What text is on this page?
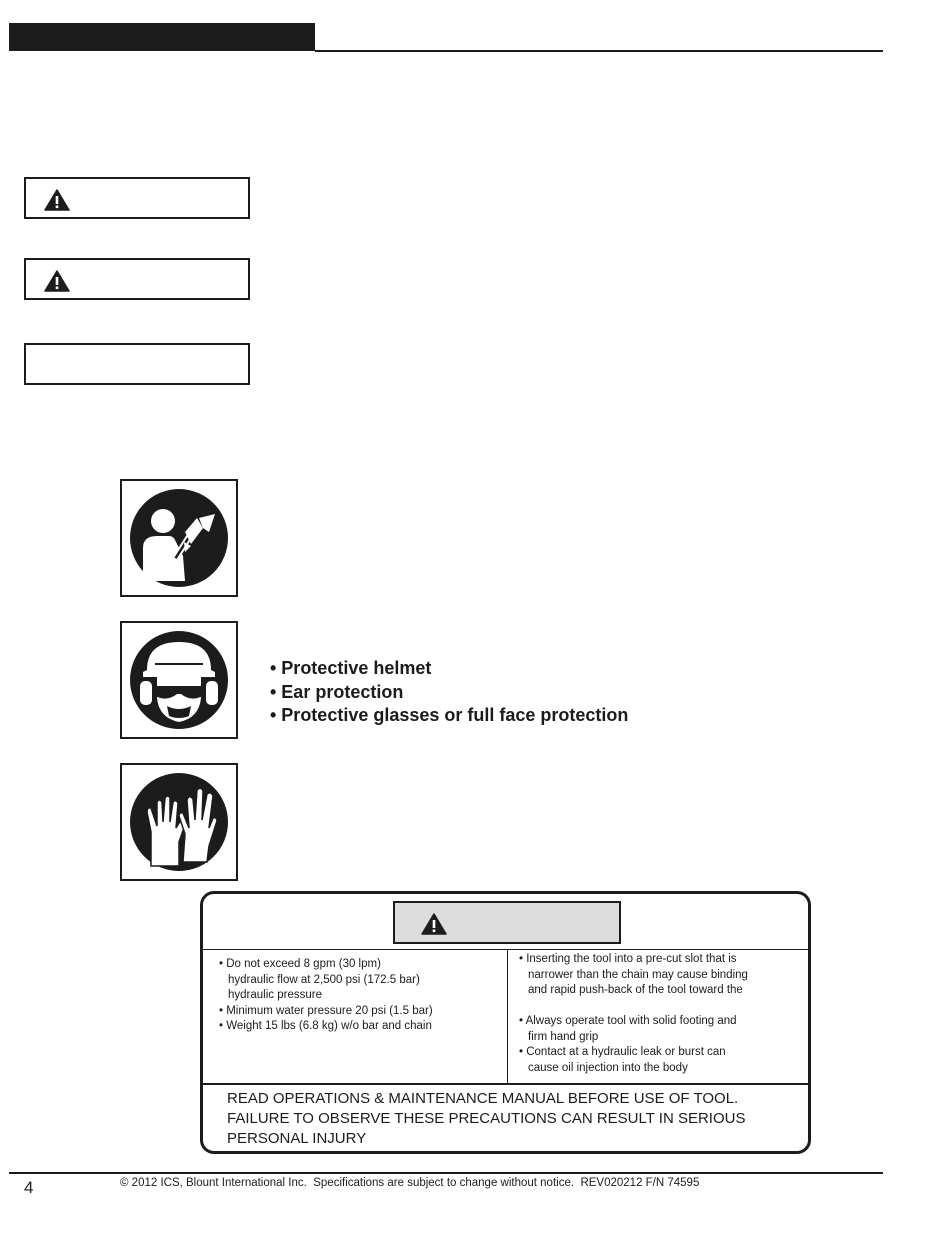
• Protective helmet
• Ear protection
• Protective glasses or full face protection

• Do not exceed 8 gpm (30 lpm)

hydraulic flow at 2,500 psi (172.5 bar)

hydraulic pressure

• Minimum water pressure 20 psi (1.5 bar)

• Weight 15 lbs (6.8 kg) w/o bar and chain

• Inserting the tool into a pre-cut slot that is

narrower than the chain may cause binding

and rapid push-back of the tool toward the

• Always operate tool with solid footing and

firm hand grip

• Contact at a hydraulic leak or burst can

cause oil injection into the body

READ OPERATIONS & MAINTENANCE MANUAL BEFORE USE OF TOOL.
FAILURE TO OBSERVE THESE PRECAUTIONS CAN RESULT IN SERIOUS
PERSONAL INJURY
4	© 2012 ICS, Blount International Inc.  Specifications are subject to change without notice.  REV020212 F/N 74595
